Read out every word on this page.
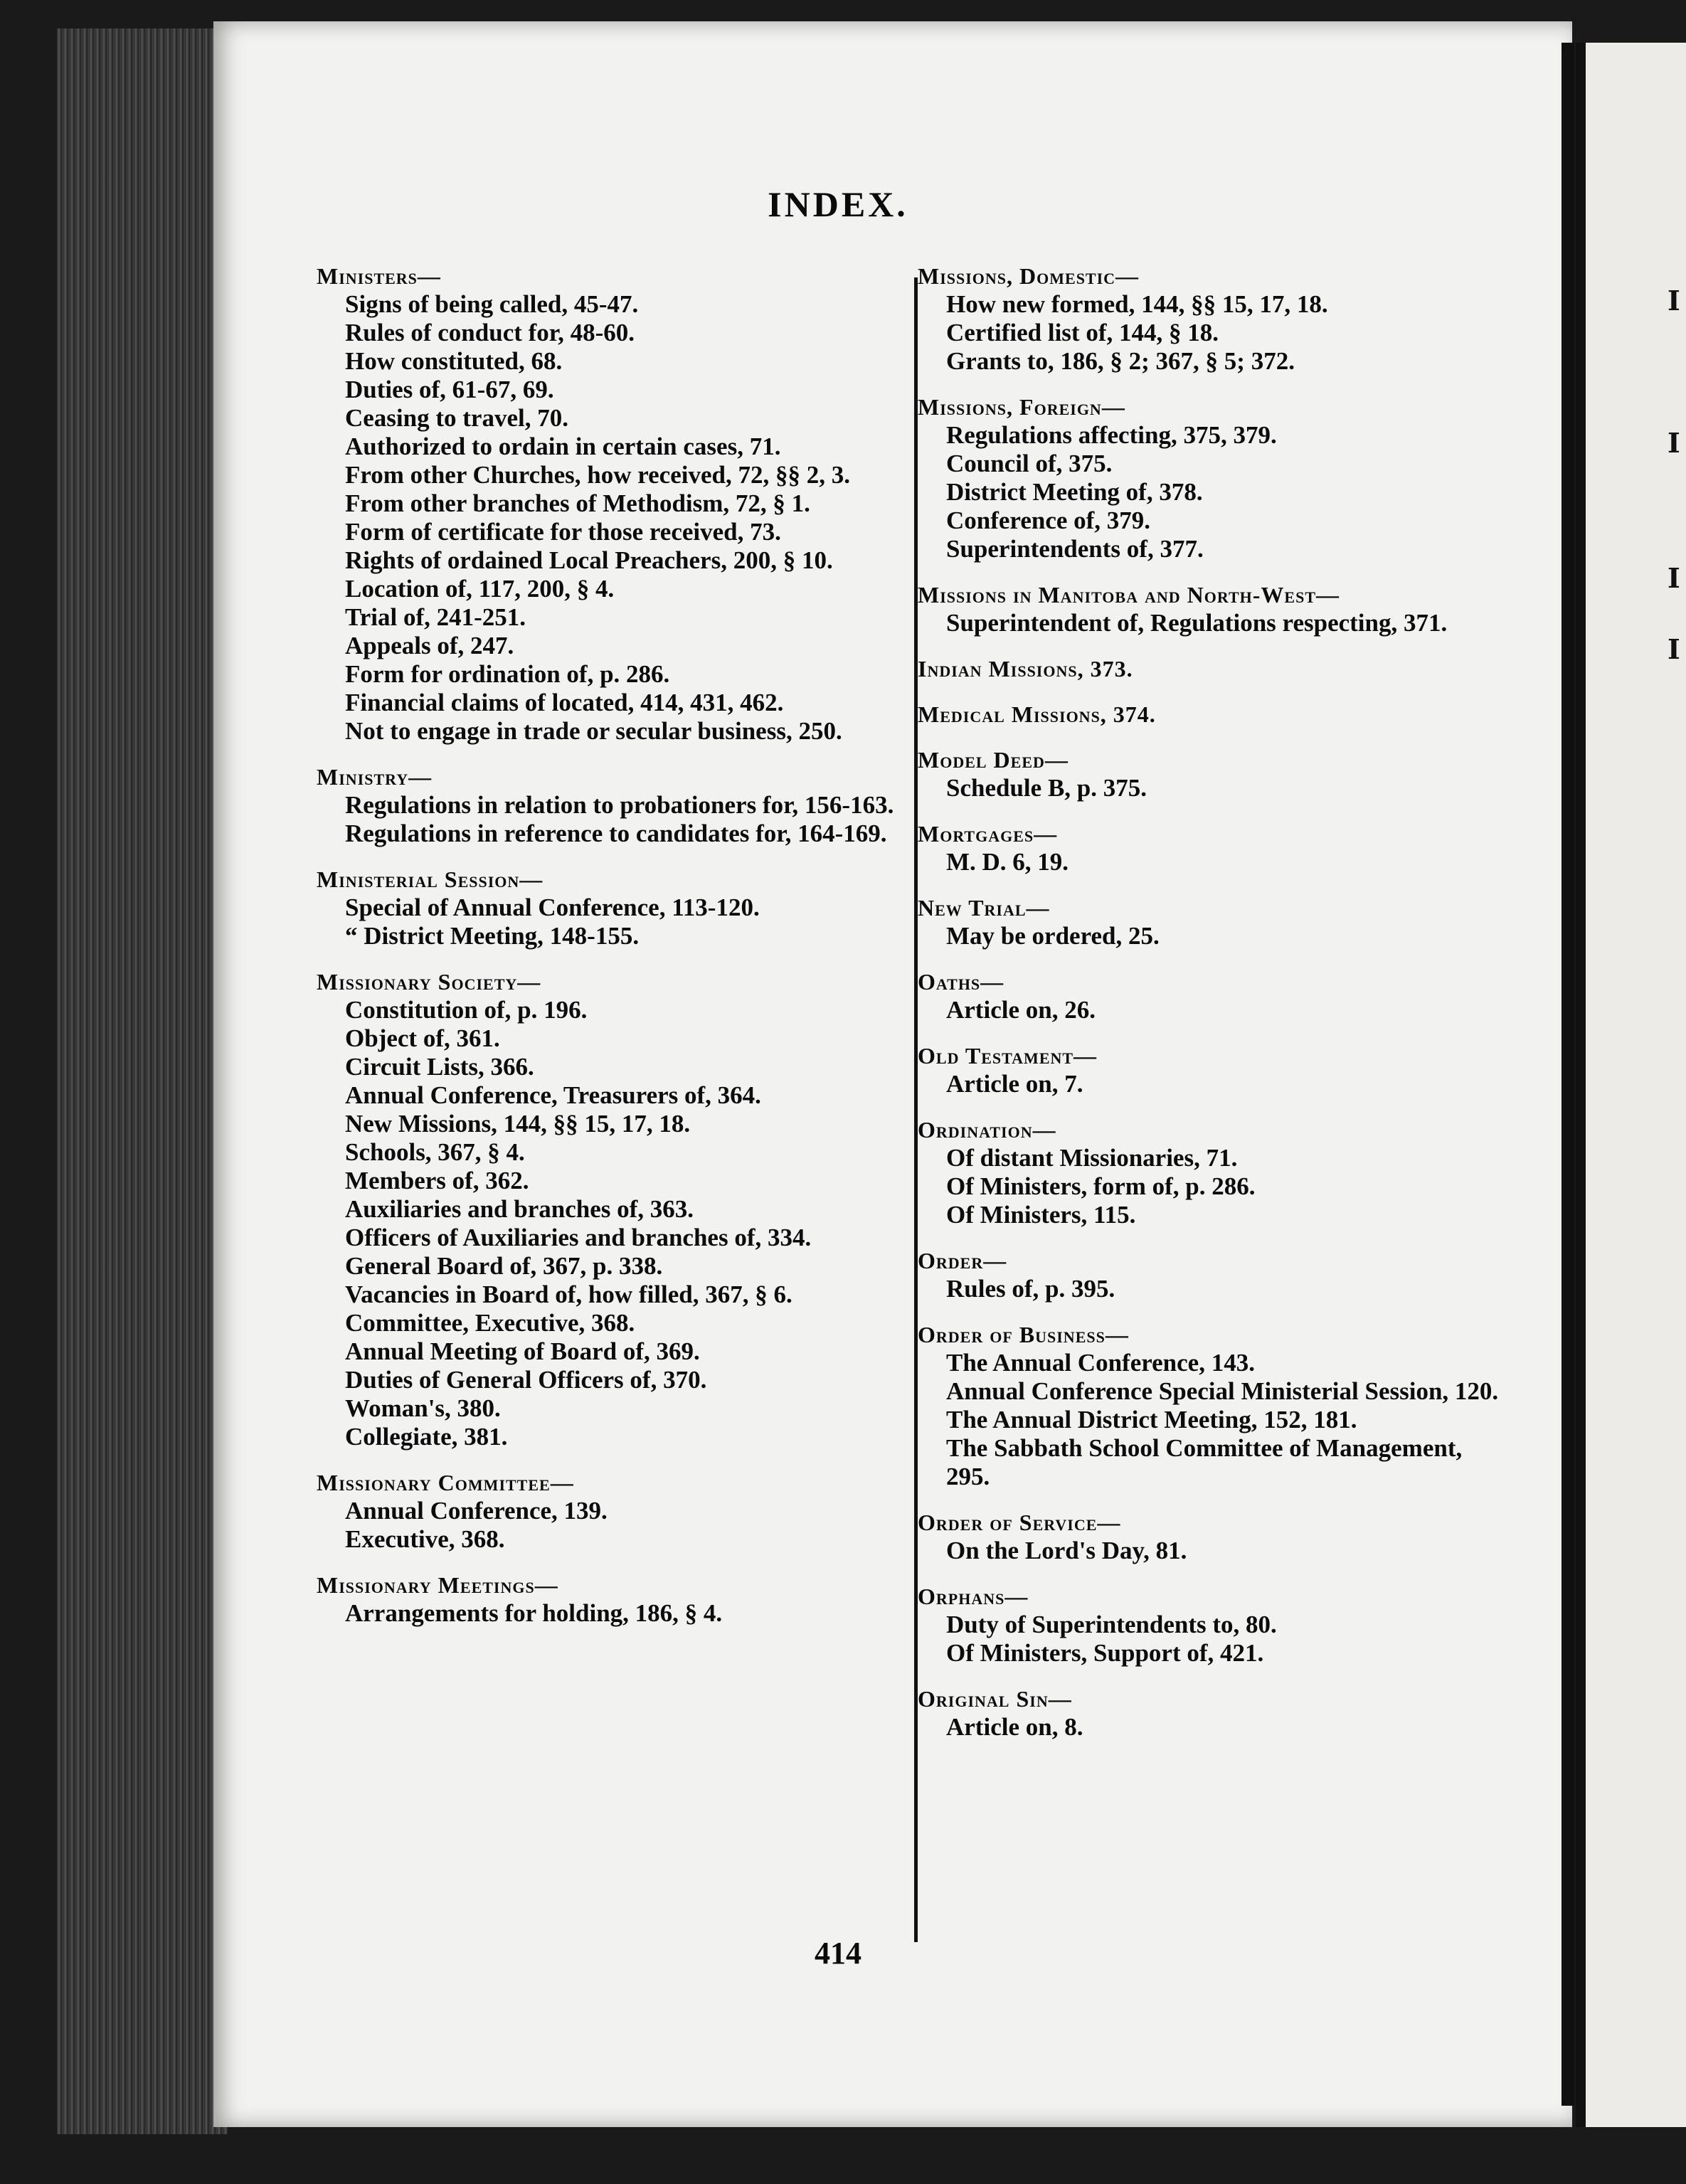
I
I
I
I
INDEX.
Ministers—
Signs of being called, 45-47.
Rules of conduct for, 48-60.
How constituted, 68.
Duties of, 61-67, 69.
Ceasing to travel, 70.
Authorized to ordain in certain cases, 71.
From other Churches, how received, 72, §§ 2, 3.
From other branches of Methodism, 72, § 1.
Form of certificate for those received, 73.
Rights of ordained Local Preachers, 200, § 10.
Location of, 117, 200, § 4.
Trial of, 241-251.
Appeals of, 247.
Form for ordination of, p. 286.
Financial claims of located, 414, 431, 462.
Not to engage in trade or secular business, 250.
Ministry—
Regulations in relation to probationers for, 156-163.
Regulations in reference to candidates for, 164-169.
Ministerial Session—
Special of Annual Conference, 113-120.
“ District Meeting, 148-155.
Missionary Society—
Constitution of, p. 196.
Object of, 361.
Circuit Lists, 366.
Annual Conference, Treasurers of, 364.
New Missions, 144, §§ 15, 17, 18.
Schools, 367, § 4.
Members of, 362.
Auxiliaries and branches of, 363.
Officers of Auxiliaries and branches of, 334.
General Board of, 367, p. 338.
Vacancies in Board of, how filled, 367, § 6.
Committee, Executive, 368.
Annual Meeting of Board of, 369.
Duties of General Officers of, 370.
Woman's, 380.
Collegiate, 381.
Missionary Committee—
Annual Conference, 139.
Executive, 368.
Missionary Meetings—
Arrangements for holding, 186, § 4.
Missions, Domestic—
How new formed, 144, §§ 15, 17, 18.
Certified list of, 144, § 18.
Grants to, 186, § 2; 367, § 5; 372.
Missions, Foreign—
Regulations affecting, 375, 379.
Council of, 375.
District Meeting of, 378.
Conference of, 379.
Superintendents of, 377.
Missions in Manitoba and North-West—
Superintendent of, Regulations respecting, 371.
Indian Missions, 373.
Medical Missions, 374.
Model Deed—
Schedule B, p. 375.
Mortgages—
M. D. 6, 19.
New Trial—
May be ordered, 25.
Oaths—
Article on, 26.
Old Testament—
Article on, 7.
Ordination—
Of distant Missionaries, 71.
Of Ministers, form of, p. 286.
Of Ministers, 115.
Order—
Rules of, p. 395.
Order of Business—
The Annual Conference, 143.
Annual Conference Special Ministerial Session, 120.
The Annual District Meeting, 152, 181.
The Sabbath School Committee of Management, 295.
Order of Service—
On the Lord's Day, 81.
Orphans—
Duty of Superintendents to, 80.
Of Ministers, Support of, 421.
Original Sin—
Article on, 8.
414
